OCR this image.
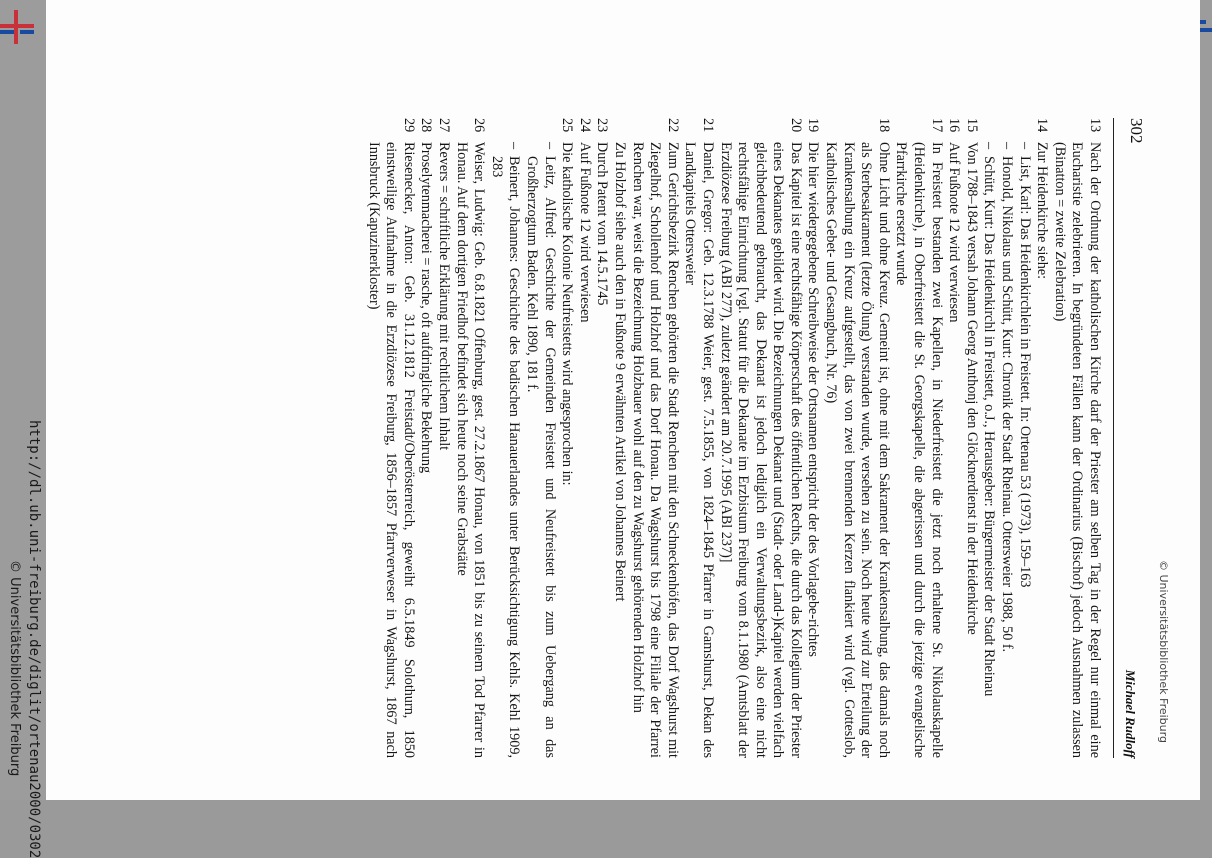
302
Michael Rudloff
13
Nach der Ordnung der katholischen Kirche darf der Priester am selben Tag in der Regel nur einmal eine Eucharistie zelebrieren. In begründeten Fällen kann der Ordinarius (Bischof) jedoch Ausnahmen zulassen (Binatton = zweite Zelebration)
14
Zur Heidenkirche siehe:
–
List, Karl: Das Heidenkirchlein in Freistett. In: Ortenau 53 (1973), 159–163
–
Honold, Nikolaus und Schütt, Kurt: Chronik der Stadt Rheinau. Ottersweier 1988, 50 f.
–
Schütt, Kurt: Das Heidenkirchl in Freistett, o.J., Herausgeber: Bürgermeister der Stadt Rheinau
15
Von 1788–1843 versah Johann Georg Anthonj den Glöcknerdienst in der Heidenkirche
16
Auf Fußnote 12 wird verwiesen
17
In Freistett bestanden zwei Kapellen, in Niederfreistett die jetzt noch erhaltene St. Nikolauskapelle (Heidenkirche), in Oberfreistett die St. Georgskapelle, die abgerissen und durch die jetzige evangelische Pfarrkirche ersetzt wurde
18
Ohne Licht und ohne Kreuz. Gemeint ist, ohne mit dem Sakrament der Krankensalbung, das damals noch als Sterbesakrament (letzte Ölung) verstanden wurde, versehen zu sein. Noch heute wird zur Erteilung der Krankensalbung ein Kreuz aufgestellt, das von zwei brennenden Kerzen flankiert wird (vgl. Gotteslob, Katholisches Gebet- und Gesangbuch, Nr. 76)
19
Die hier wiedergegebene Schreibweise der Ortsnamen entspricht der des Vorlagebe-richtes
20
Das Kapitel ist eine rechtsfähige Körperschaft des öffentlichen Rechts, die durch das Kollegium der Priester eines Dekanates gebildet wird. Die Bezeichnungen Dekanat und (Stadt- oder Land-)Kapitel werden vielfach gleichbedeutend gebraucht, das Dekanat ist jedoch lediglich ein Verwaltungsbezirk, also eine nicht rechtsfähige Einrichtung [vgl. Statut für die Dekanate im Erzbistum Freiburg vom 8.1.1980 (Amtsblatt der Erzdiözese Freiburg (ABl 277), zuletzt geändert am 20.7.1995 (ABl 237)]
21
Daniel, Gregor: Geb. 12.3.1788 Weier, gest. 7.5.1855, von 1824–1845 Pfarrer in Gamshurst, Dekan des Landkapitels Ottersweier
22
Zum Gerichtsbezirk Renchen gehörten die Stadt Renchen mit den Schneckenhöfen, das Dorf Wagshurst mit Ziegelhof, Schollenhof und Holzhof und das Dorf Honau. Da Wagshurst bis 1798 eine Filiale der Pfarrei Renchen war, weist die Bezeichnung Holzbauer wohl auf den zu Wagshurst gehörenden Holzhof hin
Zu Holzhof siehe auch den in Fußnote 9 erwähnten Artikel von Johannes Beinert
23
Durch Patent vom 14.5.1745
24
Auf Fußnote 12 wird verwiesen
25
Die katholische Kolonie Neufreistetts wird angesprochen in:
–
Leitz, Alfred: Geschichte der Gemeinden Freistett und Neufreistett bis zum Uebergang an das Großherzogtum Baden. Kehl 1890, 181 f.
–
Beinert, Johannes: Geschichte des badischen Hanauerlandes unter Berücksichtigung Kehls. Kehl 1909, 283
26
Weiser, Ludwig: Geb. 6.8.1821 Offenburg, gest. 27.2.1867 Honau, von 1851 bis zu seinem Tod Pfarrer in Honau. Auf dem dortigen Friedhof befindet sich heute noch seine Grabstätte
27
Revers = schriftliche Erklärung mit rechtlichem Inhalt
28
Proselytenmacherei = rasche, oft aufdringliche Bekehrung
29
Riesenecker, Anton: Geb. 31.12.1812 Freistadt/Oberösterreich, geweiht 6.5.1849 Solothurn, 1850 einstweilige Aufnahme in die Erzdiözese Freiburg, 1856–1857 Pfarrverweser in Wagshurst, 1867 nach Innsbruck (Kapuzinerkloster)
© Universitätsbibliothek Freiburg
http://dl.ub.uni-freiburg.de/diglit/ortenau2000/0302
© Universitätsbibliothek Freiburg
